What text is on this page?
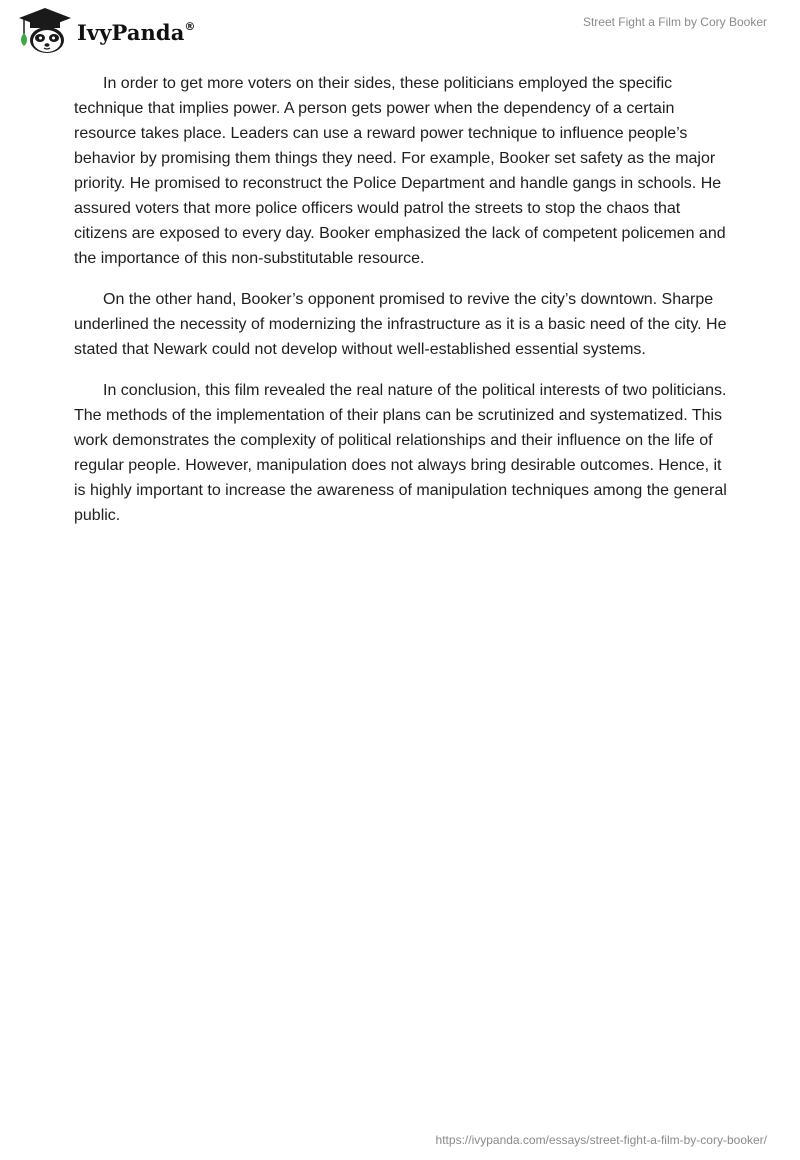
IvyPanda®	Street Fight a Film by Cory Booker

In order to get more voters on their sides, these politicians employed the specific technique that implies power. A person gets power when the dependency of a certain resource takes place. Leaders can use a reward power technique to influence people’s behavior by promising them things they need. For example, Booker set safety as the major priority. He promised to reconstruct the Police Department and handle gangs in schools. He assured voters that more police officers would patrol the streets to stop the chaos that citizens are exposed to every day. Booker emphasized the lack of competent policemen and the importance of this non-substitutable resource.

On the other hand, Booker’s opponent promised to revive the city’s downtown. Sharpe underlined the necessity of modernizing the infrastructure as it is a basic need of the city. He stated that Newark could not develop without well-established essential systems.

In conclusion, this film revealed the real nature of the political interests of two politicians. The methods of the implementation of their plans can be scrutinized and systematized. This work demonstrates the complexity of political relationships and their influence on the life of regular people. However, manipulation does not always bring desirable outcomes. Hence, it is highly important to increase the awareness of manipulation techniques among the general public.

https://ivypanda.com/essays/street-fight-a-film-by-cory-booker/
